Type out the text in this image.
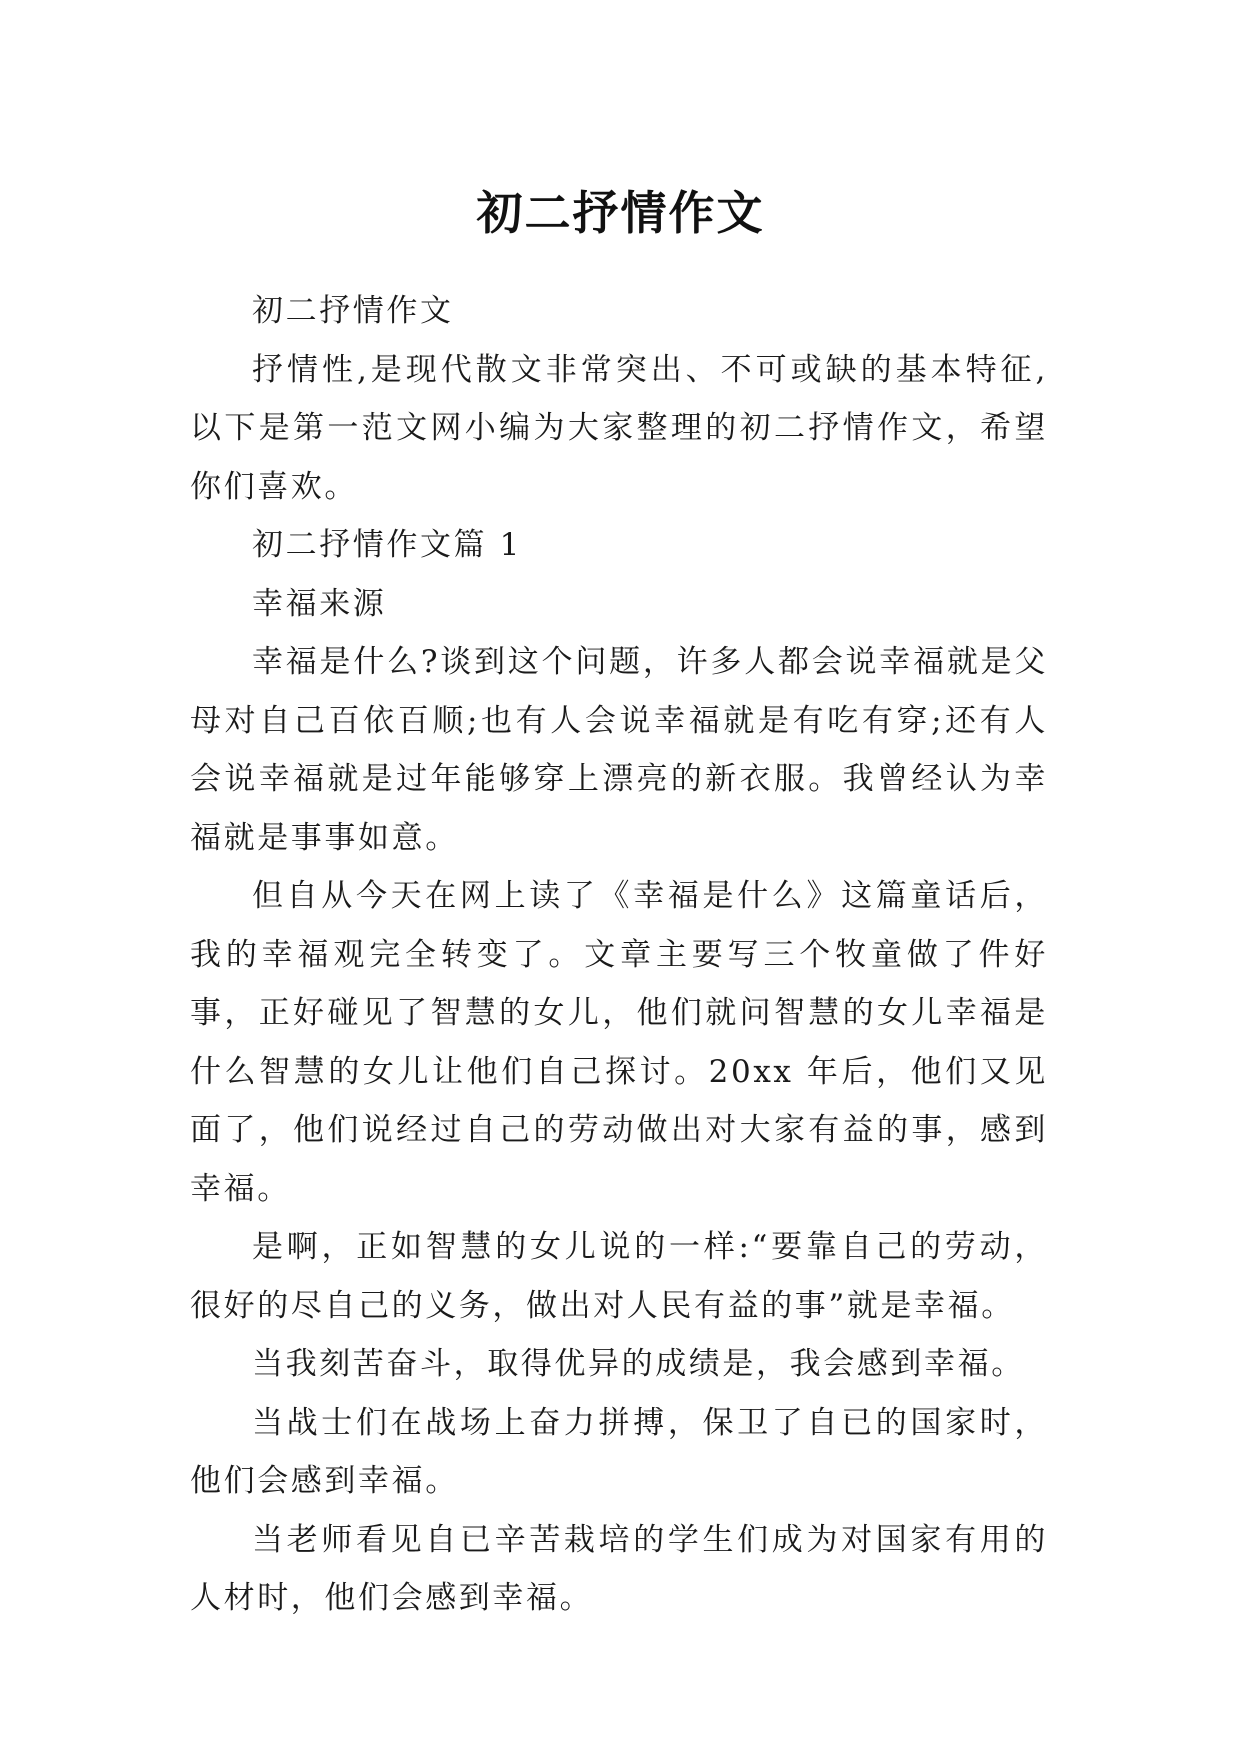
初二抒情作文

初二抒情作文

抒情性,是现代散文非常突出、不可或缺的基本特征,以下是第一范文网小编为大家整理的初二抒情作文，希望你们喜欢。

初二抒情作文篇 1

幸福来源

幸福是什么?谈到这个问题，许多人都会说幸福就是父母对自己百依百顺;也有人会说幸福就是有吃有穿;还有人会说幸福就是过年能够穿上漂亮的新衣服。我曾经认为幸福就是事事如意。

但自从今天在网上读了《幸福是什么》这篇童话后，我的幸福观完全转变了。文章主要写三个牧童做了件好事，正好碰见了智慧的女儿，他们就问智慧的女儿幸福是什么智慧的女儿让他们自己探讨。20xx 年后，他们又见面了，他们说经过自己的劳动做出对大家有益的事，感到幸福。

是啊，正如智慧的女儿说的一样:“要靠自己的劳动，很好的尽自己的义务，做出对人民有益的事”就是幸福。

当我刻苦奋斗，取得优异的成绩是，我会感到幸福。

当战士们在战场上奋力拼搏，保卫了自已的国家时，他们会感到幸福。

当老师看见自已辛苦栽培的学生们成为对国家有用的人材时，他们会感到幸福。
